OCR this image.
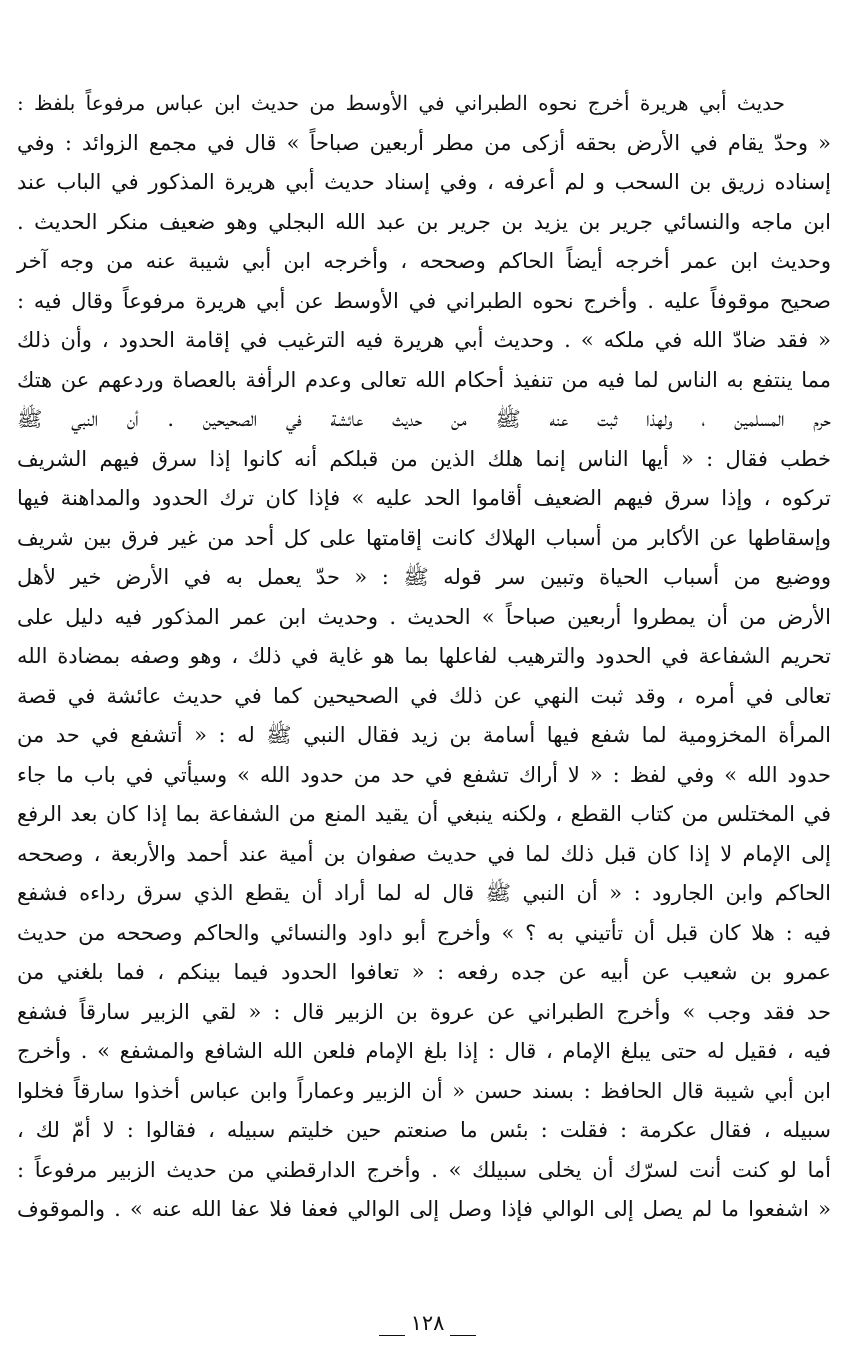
حديث أبي هريرة أخرج نحوه الطبراني في الأوسط من حديث ابن عباس مرفوعاً بلفظ :
« وحدّ يقام في الأرض بحقه أزكى من مطر أربعين صباحاً » قال في مجمع الزوائد : وفي
إسناده زريق بن السحب و لم أعرفه ، وفي إسناد حديث أبي هريرة المذكور في الباب عند
ابن ماجه والنسائي جرير بن يزيد بن جرير بن عبد الله البجلي وهو ضعيف منكر الحديث .
وحديث ابن عمر أخرجه أيضاً الحاكم وصححه ، وأخرجه ابن أبي شيبة عنه من وجه آخر
صحيح موقوفاً عليه . وأخرج نحوه الطبراني في الأوسط عن أبي هريرة مرفوعاً وقال فيه :
« فقد ضادّ الله في ملكه » . وحديث أبي هريرة فيه الترغيب في إقامة الحدود ، وأن ذلك
مما ينتفع به الناس لما فيه من تنفيذ أحكام الله تعالى وعدم الرأفة بالعصاة وردعهم عن هتك
حرم المسلمين ، ولهذا ثبت عنه ﷺ من حديث عائشة في الصحيحين . أن النبي ﷺ
خطب فقال : « أيها الناس إنما هلك الذين من قبلكم أنه كانوا إذا سرق فيهم الشريف
تركوه ، وإذا سرق فيهم الضعيف أقاموا الحد عليه » فإذا كان ترك الحدود والمداهنة فيها
وإسقاطها عن الأكابر من أسباب الهلاك كانت إقامتها على كل أحد من غير فرق بين شريف
ووضيع من أسباب الحياة وتبين سر قوله ﷺ : « حدّ يعمل به في الأرض خير لأهل
الأرض من أن يمطروا أربعين صباحاً » الحديث . وحديث ابن عمر المذكور فيه دليل على
تحريم الشفاعة في الحدود والترهيب لفاعلها بما هو غاية في ذلك ، وهو وصفه بمضادة الله
تعالى في أمره ، وقد ثبت النهي عن ذلك في الصحيحين كما في حديث عائشة في قصة
المرأة المخزومية لما شفع فيها أسامة بن زيد فقال النبي ﷺ له : « أتشفع في حد من
حدود الله » وفي لفظ : « لا أراك تشفع في حد من حدود الله » وسيأتي في باب ما جاء
في المختلس من كتاب القطع ، ولكنه ينبغي أن يقيد المنع من الشفاعة بما إذا كان بعد الرفع
إلى الإمام لا إذا كان قبل ذلك لما في حديث صفوان بن أمية عند أحمد والأربعة ، وصححه
الحاكم وابن الجارود : « أن النبي ﷺ قال له لما أراد أن يقطع الذي سرق رداءه فشفع
فيه : هلا كان قبل أن تأتيني به ؟ » وأخرج أبو داود والنسائي والحاكم وصححه من حديث
عمرو بن شعيب عن أبيه عن جده رفعه : « تعافوا الحدود فيما بينكم ، فما بلغني من
حد فقد وجب » وأخرج الطبراني عن عروة بن الزبير قال : « لقي الزبير سارقاً فشفع
فيه ، فقيل له حتى يبلغ الإمام ، قال : إذا بلغ الإمام فلعن الله الشافع والمشفع » . وأخرج
ابن أبي شيبة قال الحافظ : بسند حسن « أن الزبير وعماراً وابن عباس أخذوا سارقاً فخلوا
سبيله ، فقال عكرمة : فقلت : بئس ما صنعتم حين خليتم سبيله ، فقالوا : لا أمّ لك ،
أما لو كنت أنت لسرّك أن يخلى سبيلك » . وأخرج الدارقطني من حديث الزبير مرفوعاً :
« اشفعوا ما لم يصل إلى الوالي فإذا وصل إلى الوالي فعفا فلا عفا الله عنه » . والموقوف
١٢٨
